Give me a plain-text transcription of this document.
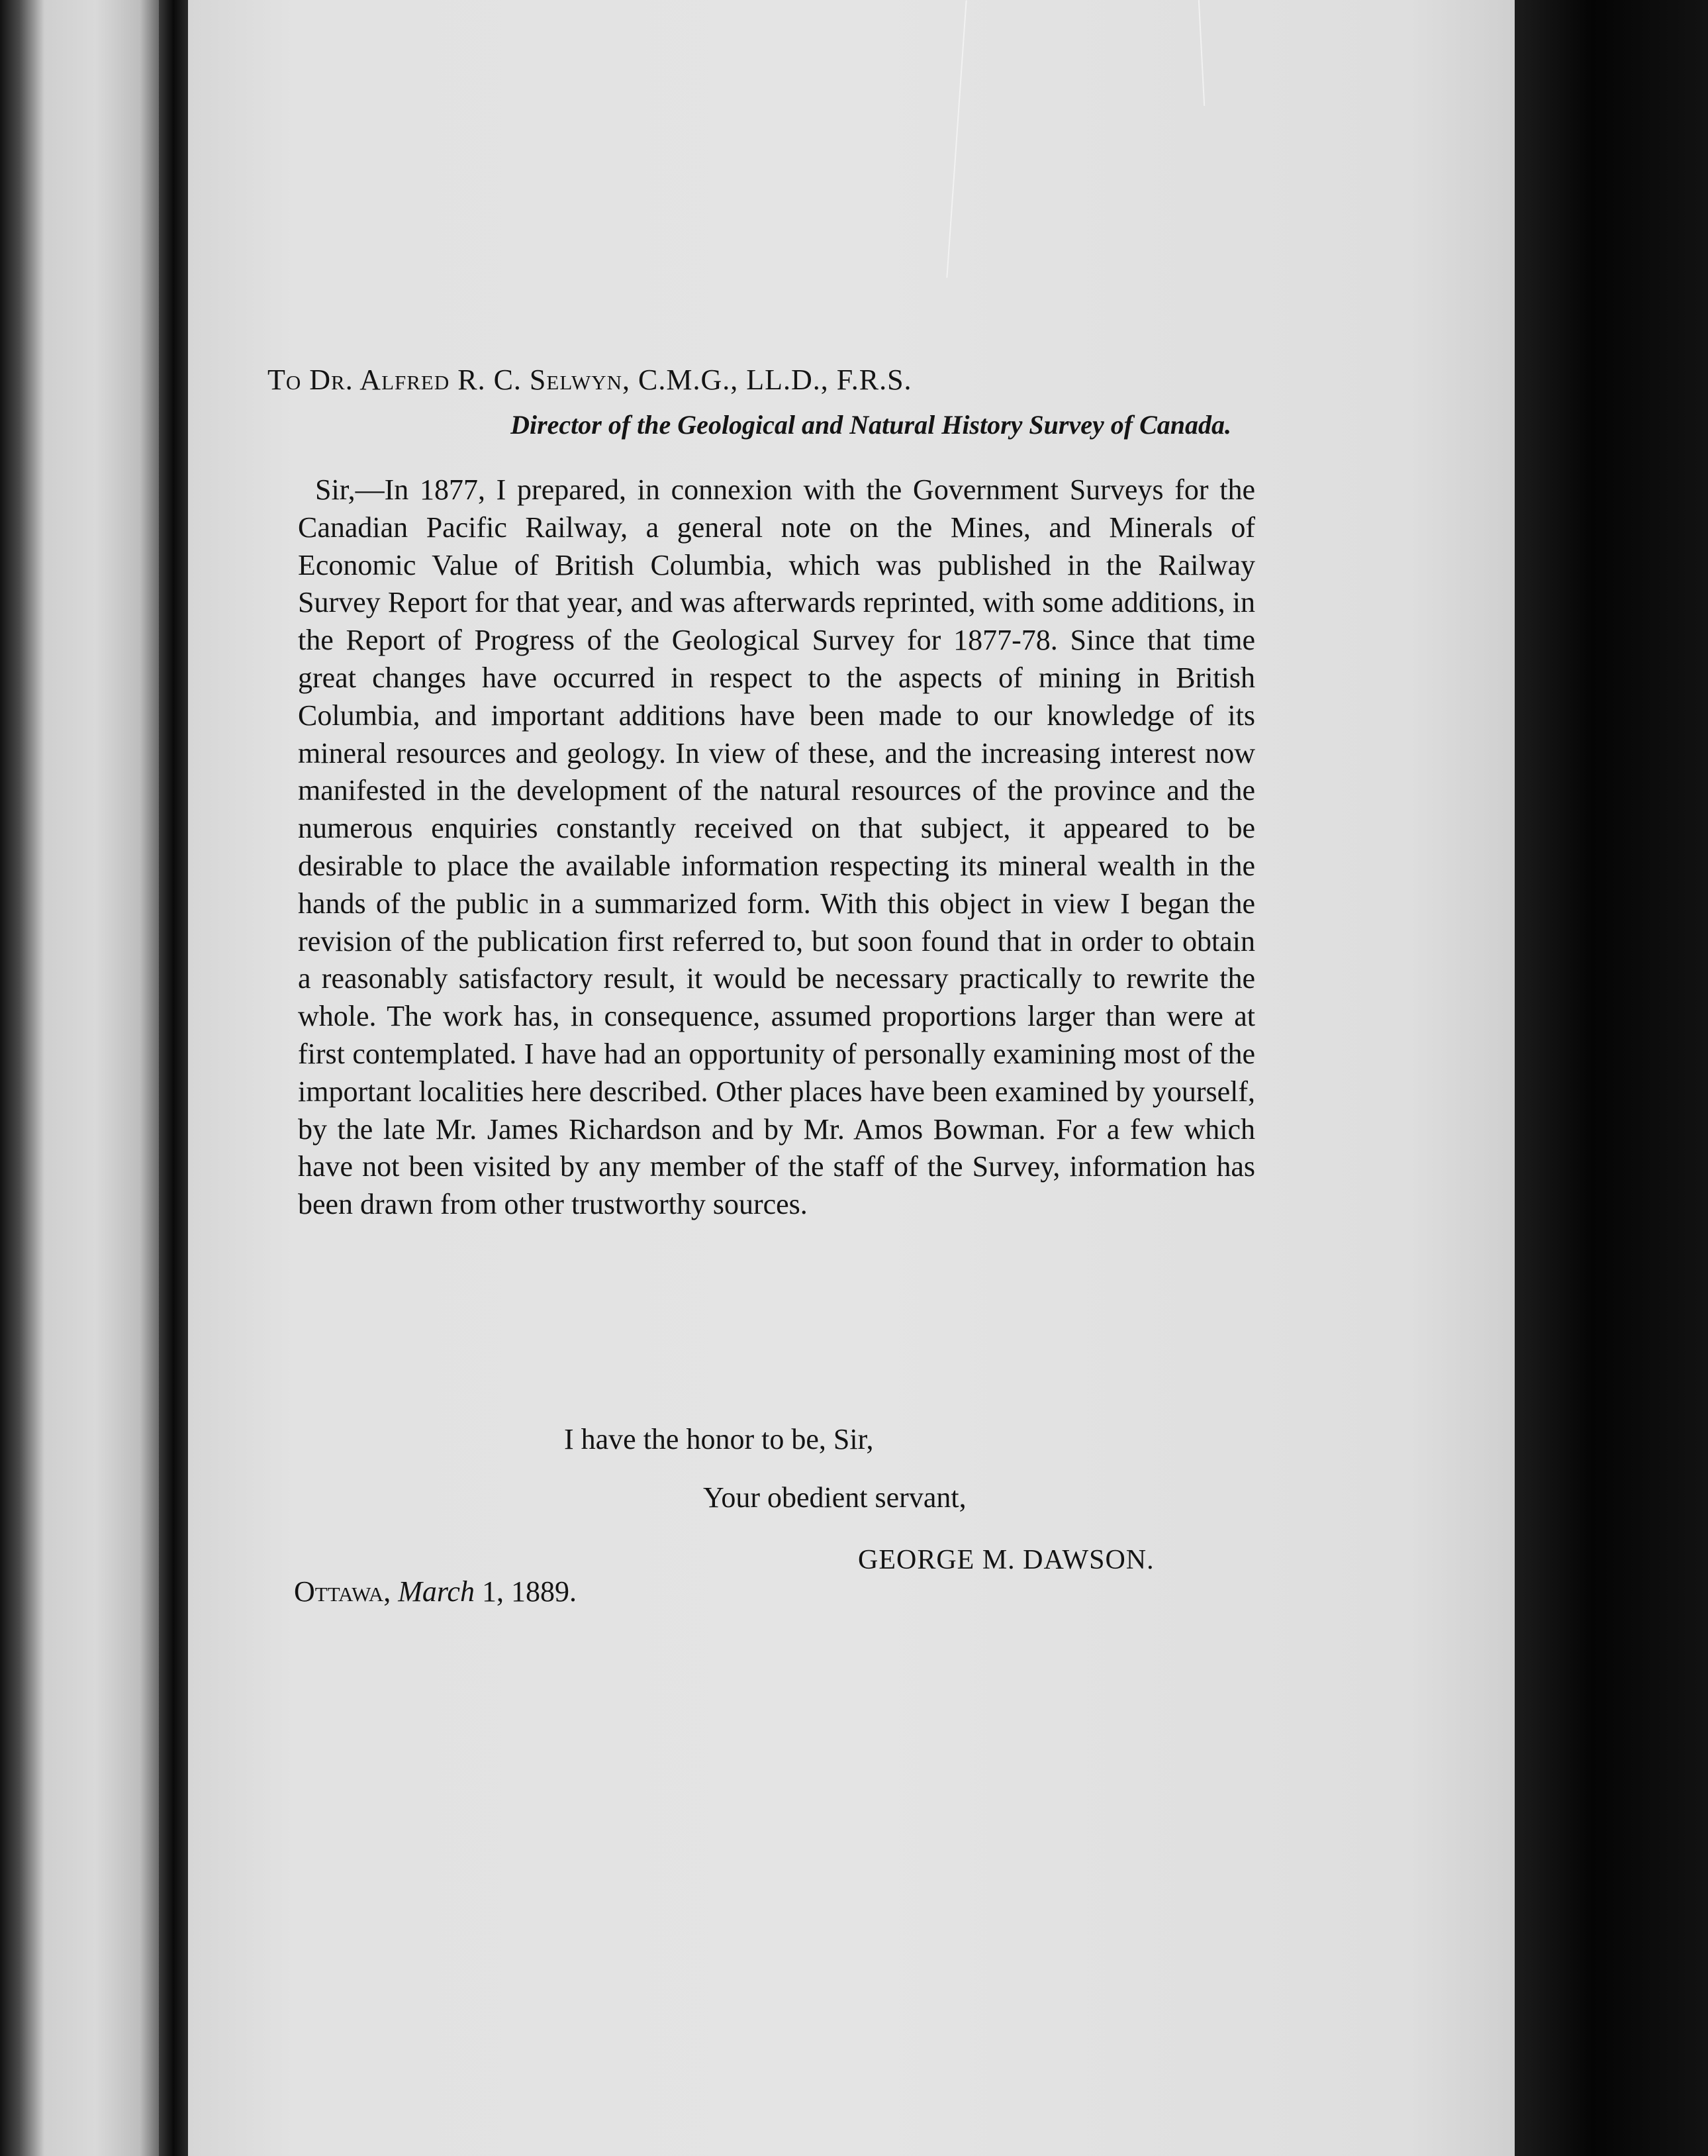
To Dr. Alfred R. C. Selwyn, C.M.G., LL.D., F.R.S.
Director of the Geological and Natural History Survey of Canada.
Sir,—In 1877, I prepared, in connexion with the Government Surveys for the Canadian Pacific Railway, a general note on the Mines, and Minerals of Economic Value of British Columbia, which was published in the Railway Survey Report for that year, and was afterwards reprinted, with some additions, in the Report of Progress of the Geological Survey for 1877-78. Since that time great changes have occurred in respect to the aspects of mining in British Columbia, and important additions have been made to our knowledge of its mineral resources and geology. In view of these, and the increasing interest now manifested in the development of the natural resources of the province and the numerous enquiries constantly received on that subject, it appeared to be desirable to place the available information respecting its mineral wealth in the hands of the public in a summarized form. With this object in view I began the revision of the publication first referred to, but soon found that in order to obtain a reasonably satisfactory result, it would be necessary practically to rewrite the whole. The work has, in consequence, assumed proportions larger than were at first contemplated. I have had an opportunity of personally examining most of the important localities here described. Other places have been examined by yourself, by the late Mr. James Richardson and by Mr. Amos Bowman. For a few which have not been visited by any member of the staff of the Survey, information has been drawn from other trustworthy sources.
I have the honor to be, Sir,
Your obedient servant,
GEORGE M. DAWSON.
Ottawa, March 1, 1889.
